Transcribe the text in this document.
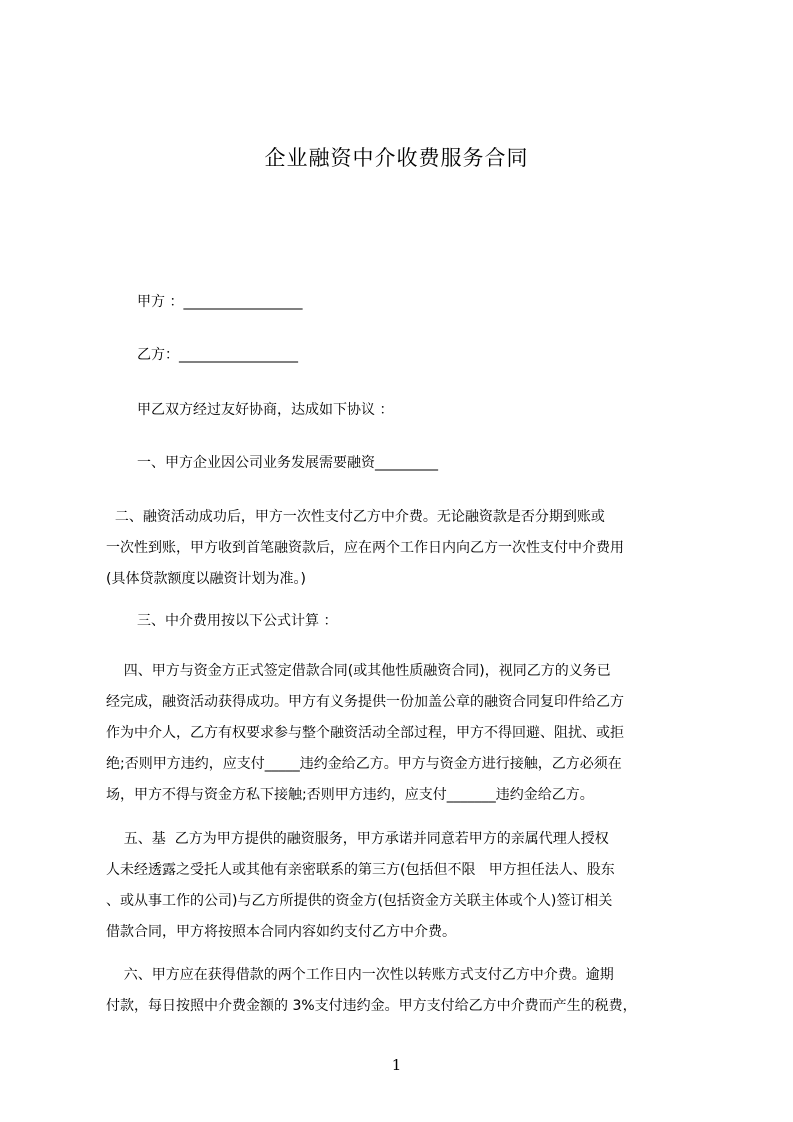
企业融资中介收费服务合同
甲方 ：_________________
乙方：_________________
甲乙双方经过友好协商，达成如下协议 ：
一、甲方企业因公司业务发展需要融资_________
二、融资活动成功后，甲方一次性支付乙方中介费。无论融资款是否分期到账或
一次性到账，甲方收到首笔融资款后，应在两个工作日内向乙方一次性支付中介费用
(具体贷款额度以融资计划为准。)
三、中介费用按以下公式计算 ：
四、甲方与资金方正式签定借款合同(或其他性质融资合同)，视同乙方的义务已
经完成，融资活动获得成功。甲方有义务提供一份加盖公章的融资合同复印件给乙方
作为中介人，乙方有权要求参与整个融资活动全部过程，甲方不得回避、阻扰、或拒
绝;否则甲方违约，应支付_____违约金给乙方。甲方与资金方进行接触，乙方必须在
场，甲方不得与资金方私下接触;否则甲方违约，应支付_______违约金给乙方。
五、基  乙方为甲方提供的融资服务，甲方承诺并同意若甲方的亲属代理人授权
人未经透露之受托人或其他有亲密联系的第三方(包括但不限   甲方担任法人、股东
、或从事工作的公司)与乙方所提供的资金方(包括资金方关联主体或个人)签订相关
借款合同，甲方将按照本合同内容如约支付乙方中介费。
六、甲方应在获得借款的两个工作日内一次性以转账方式支付乙方中介费。逾期
付款，每日按照中介费金额的 3%支付违约金。甲方支付给乙方中介费而产生的税费，
1
